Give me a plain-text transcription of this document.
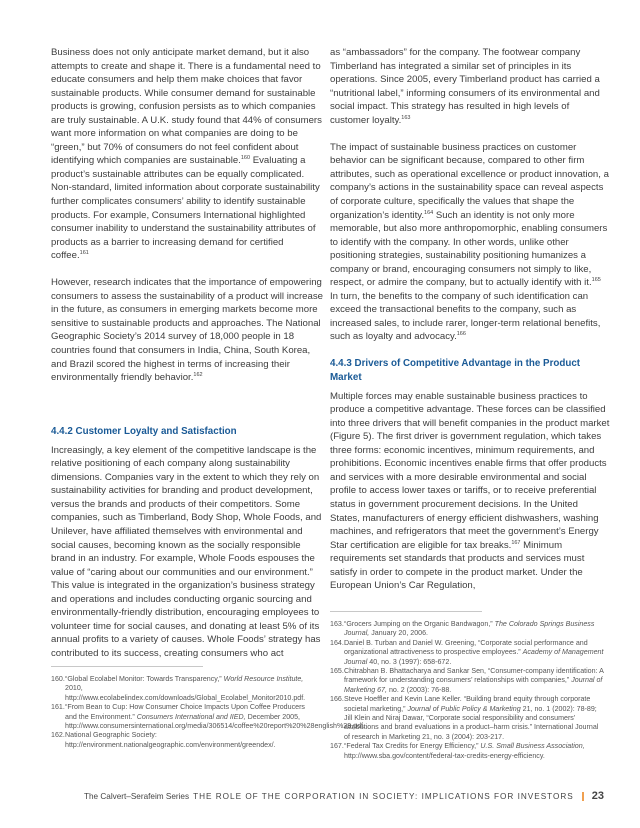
Business does not only anticipate market demand, but it also attempts to create and shape it. There is a fundamental need to educate consumers and help them make choices that favor sustainable products. While consumer demand for sustainable products is growing, confusion persists as to which companies are truly sustainable. A U.K. study found that 44% of consumers want more information on what companies are doing to be “green,” but 70% of consumers do not feel confident about identifying which companies are sustainable.$^{160}$ Evaluating a product’s sustainable attributes can be equally complicated. Non-standard, limited information about corporate sustainability further complicates consumers’ ability to identify sustainable products. For example, Consumers International highlighted consumer inability to understand the sustainability attributes of products as a barrier to increasing demand for certified coffee.$^{161}$

However, research indicates that the importance of empowering consumers to assess the sustainability of a product will increase in the future, as consumers in emerging markets become more sensitive to sustainable products and approaches. The National Geographic Society’s 2014 survey of 18,000 people in 18 countries found that consumers in India, China, South Korea, and Brazil scored the highest in terms of increasing their environmentally friendly behavior.$^{162}$

4.4.2 Customer Loyalty and Satisfaction

Increasingly, a key element of the competitive landscape is the relative positioning of each company along sustainability dimensions. Companies vary in the extent to which they rely on sustainability activities for branding and product development, versus the brands and products of their competitors. Some companies, such as Timberland, Body Shop, Whole Foods, and Unilever, have affiliated themselves with environmental and social causes, becoming known as the socially responsible brand in an industry. For example, Whole Foods espouses the value of “caring about our communities and our environment.” This value is integrated in the organization’s business strategy and operations and includes conducting organic sourcing and environmentally-friendly distribution, encouraging employees to volunteer time for social causes, and donating at least 5% of its annual profits to a variety of causes. Whole Foods’ strategy has contributed to its success, creating consumers who act

as “ambassadors” for the company. The footwear company Timberland has integrated a similar set of principles in its operations. Since 2005, every Timberland product has carried a “nutritional label,” informing consumers of its environmental and social impact. This strategy has resulted in high levels of customer loyalty.$^{163}$

The impact of sustainable business practices on customer behavior can be significant because, compared to other firm attributes, such as operational excellence or product innovation, a company’s actions in the sustainability space can reveal aspects of corporate culture, specifically the values that shape the organization’s identity.$^{164}$ Such an identity is not only more memorable, but also more anthropomorphic, enabling consumers to identify with the company. In other words, unlike other positioning strategies, sustainability positioning humanizes a company or brand, encouraging consumers not simply to like, respect, or admire the company, but to actually identify with it.$^{165}$ In turn, the benefits to the company of such identification can exceed the transactional benefits to the company, such as increased sales, to include rarer, longer-term relational benefits, such as loyalty and advocacy.$^{166}$

4.4.3 Drivers of Competitive Advantage in the Product Market

Multiple forces may enable sustainable business practices to produce a competitive advantage. These forces can be classified into three drivers that will benefit companies in the product market (Figure 5). The first driver is government regulation, which takes three forms: economic incentives, minimum requirements, and prohibitions. Economic incentives enable firms that offer products and services with a more desirable environmental and social profile to access lower taxes or tariffs, or to receive preferential status in government procurement decisions. In the United States, manufacturers of energy efficient dishwashers, washing machines, and refrigerators that meet the government’s Energy Star certification are eligible for tax breaks.$^{167}$ Minimum requirements set standards that products and services must satisfy in order to compete in the product market. Under the European Union’s Car Regulation,

160. “Global Ecolabel Monitor: Towards Transparency,” World Resource Institute, 2010, http://www.ecolabelindex.com/downloads/Global_Ecolabel_Monitor2010.pdf.

161. “From Bean to Cup: How Consumer Choice Impacts Upon Coffee Producers and the Environment.” Consumers International and IIED, December 2005, http://www.consumersinternational.org/media/306514/coffee%20report%20%28english%29.pdf.

162. National Geographic Society: http://environment.nationalgeographic.com/environment/greendex/.

163. “Grocers Jumping on the Organic Bandwagon,” The Colorado Springs Business Journal, January 20, 2006.

164. Daniel B. Turban and Daniel W. Greening, “Corporate social performance and organizational attractiveness to prospective employees.” Academy of Management Journal 40, no. 3 (1997): 658-672.

165. Chitrabhan B. Bhattacharya and Sankar Sen, “Consumer-company identification: A framework for understanding consumers’ relationships with companies,” Journal of Marketing 67, no. 2 (2003): 76-88.

166. Steve Hoeffler and Kevin Lane Keller. “Building brand equity through corporate societal marketing,” Journal of Public Policy & Marketing 21, no. 1 (2002): 78-89; Jill Klein and Niraj Dawar, “Corporate social responsibility and consumers’ attributions and brand evaluations in a product–harm crisis.” International Journal of research in Marketing 21, no. 3 (2004): 203-217.

167. “Federal Tax Credits for Energy Efficiency,” U.S. Small Business Association, http://www.sba.gov/content/federal-tax-credits-energy-efficiency.

The Calvert–Serafeim Series THE ROLE OF THE CORPORATION IN SOCIETY: IMPLICATIONS FOR INVESTORS 23
